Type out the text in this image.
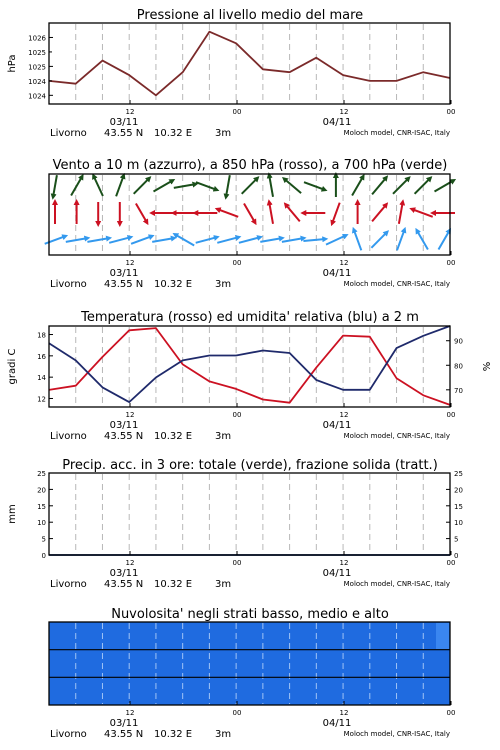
Pressione al livello medio del mare
1024
1025
1026
1024
1025
hPa
12	00	12	00
03/11	04/11
Livorno 43.55 N 10.32 E 3m	Moloch model, CNR-ISAC, Italy
Vento a 10 m (azzurro), a 850 hPa (rosso), a 700 hPa (verde)
12	00	12	00
03/11	04/11
Livorno 43.55 N 10.32 E 3m	Moloch model, CNR-ISAC, Italy
Temperatura (rosso) ed umidita' relativa (blu) a 2 m
12
14
16
18
70
80
90
gradi C	%
12	00	12	00
03/11	04/11
Livorno 43.55 N 10.32 E 3m	Moloch model, CNR-ISAC, Italy
Precip. acc. in 3 ore: totale (verde), frazione solida (tratt.)
0	0
5	5
10	10
15	15
20	20
25	25
mm
12	00	12	00
03/11	04/11
Livorno 43.55 N 10.32 E 3m	Moloch model, CNR-ISAC, Italy
Nuvolosita' negli strati basso, medio e alto
12	00	12	00
03/11	04/11
Livorno 43.55 N 10.32 E 3m	Moloch model, CNR-ISAC, Italy
